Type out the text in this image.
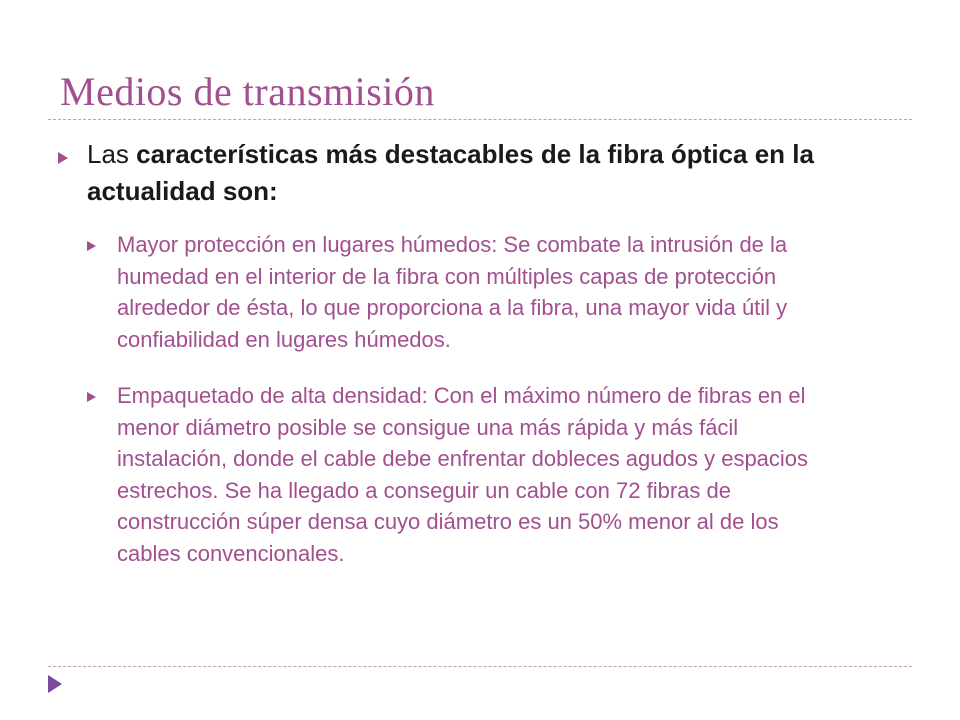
Medios de transmisión
Las características más destacables de la fibra óptica en la actualidad son:
Mayor protección en lugares húmedos: Se combate la intrusión de la humedad en el interior de la fibra con múltiples capas de protección alrededor de ésta, lo que proporciona a la fibra, una mayor vida útil y confiabilidad en lugares húmedos.
Empaquetado de alta densidad: Con el máximo número de fibras en el menor diámetro posible se consigue una más rápida y más fácil instalación, donde el cable debe enfrentar dobleces agudos y espacios estrechos. Se ha llegado a conseguir un cable con 72 fibras de construcción súper densa cuyo diámetro es un 50% menor al de los cables convencionales.
